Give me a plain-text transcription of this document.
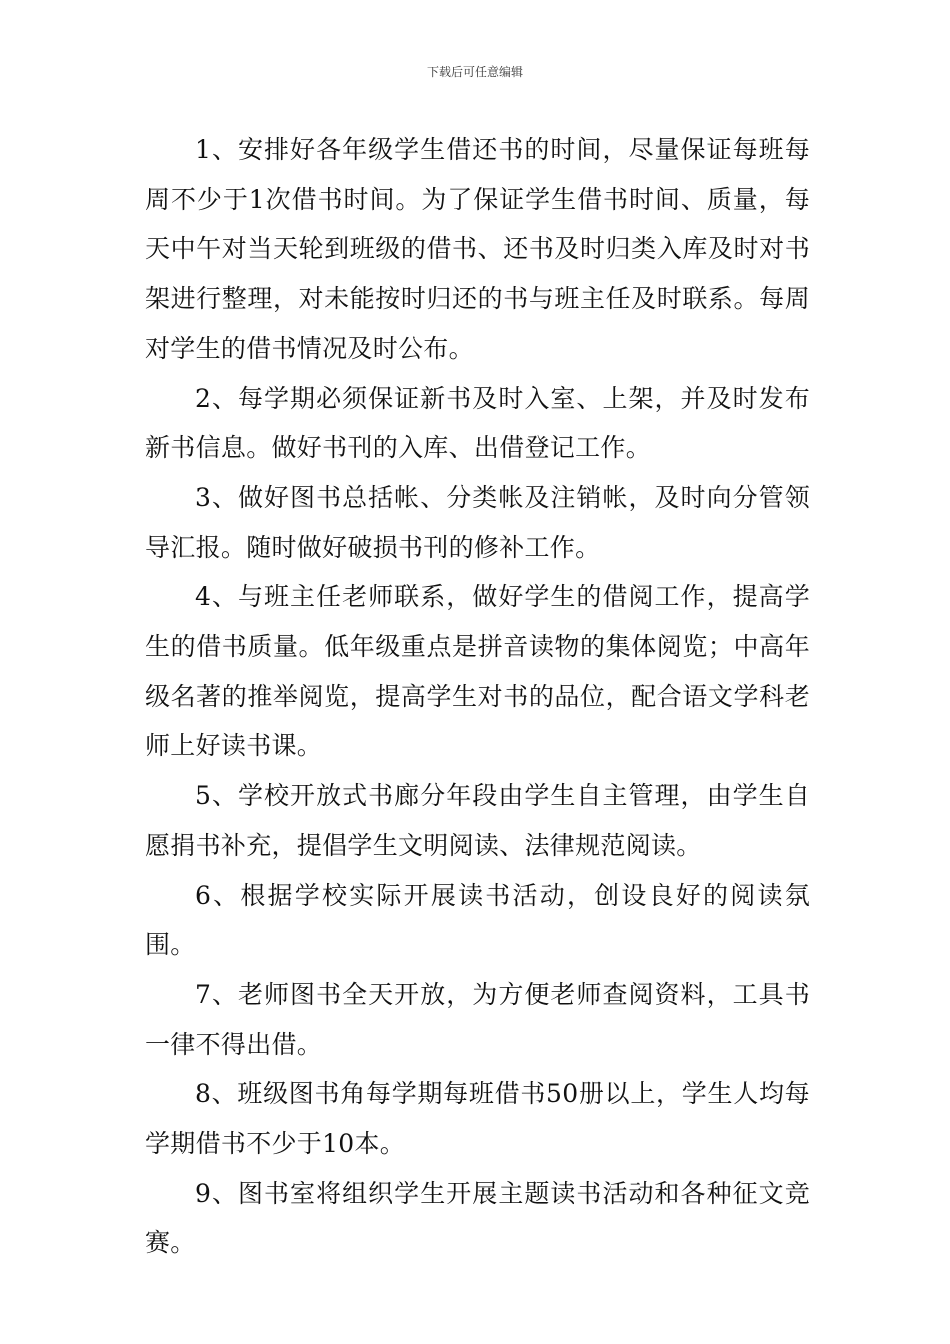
下载后可任意编辑

1、安排好各年级学生借还书的时间，尽量保证每班每周不少于1次借书时间。为了保证学生借书时间、质量，每天中午对当天轮到班级的借书、还书及时归类入库及时对书架进行整理，对未能按时归还的书与班主任及时联系。每周对学生的借书情况及时公布。

2、每学期必须保证新书及时入室、上架，并及时发布新书信息。做好书刊的入库、出借登记工作。

3、做好图书总括帐、分类帐及注销帐，及时向分管领导汇报。随时做好破损书刊的修补工作。

4、与班主任老师联系，做好学生的借阅工作，提高学生的借书质量。低年级重点是拼音读物的集体阅览；中高年级名著的推举阅览，提高学生对书的品位，配合语文学科老师上好读书课。

5、学校开放式书廊分年段由学生自主管理，由学生自愿捐书补充，提倡学生文明阅读、法律规范阅读。

6、根据学校实际开展读书活动，创设良好的阅读氛围。

7、老师图书全天开放，为方便老师查阅资料，工具书一律不得出借。

8、班级图书角每学期每班借书50册以上，学生人均每学期借书不少于10本。

9、图书室将组织学生开展主题读书活动和各种征文竞赛。
